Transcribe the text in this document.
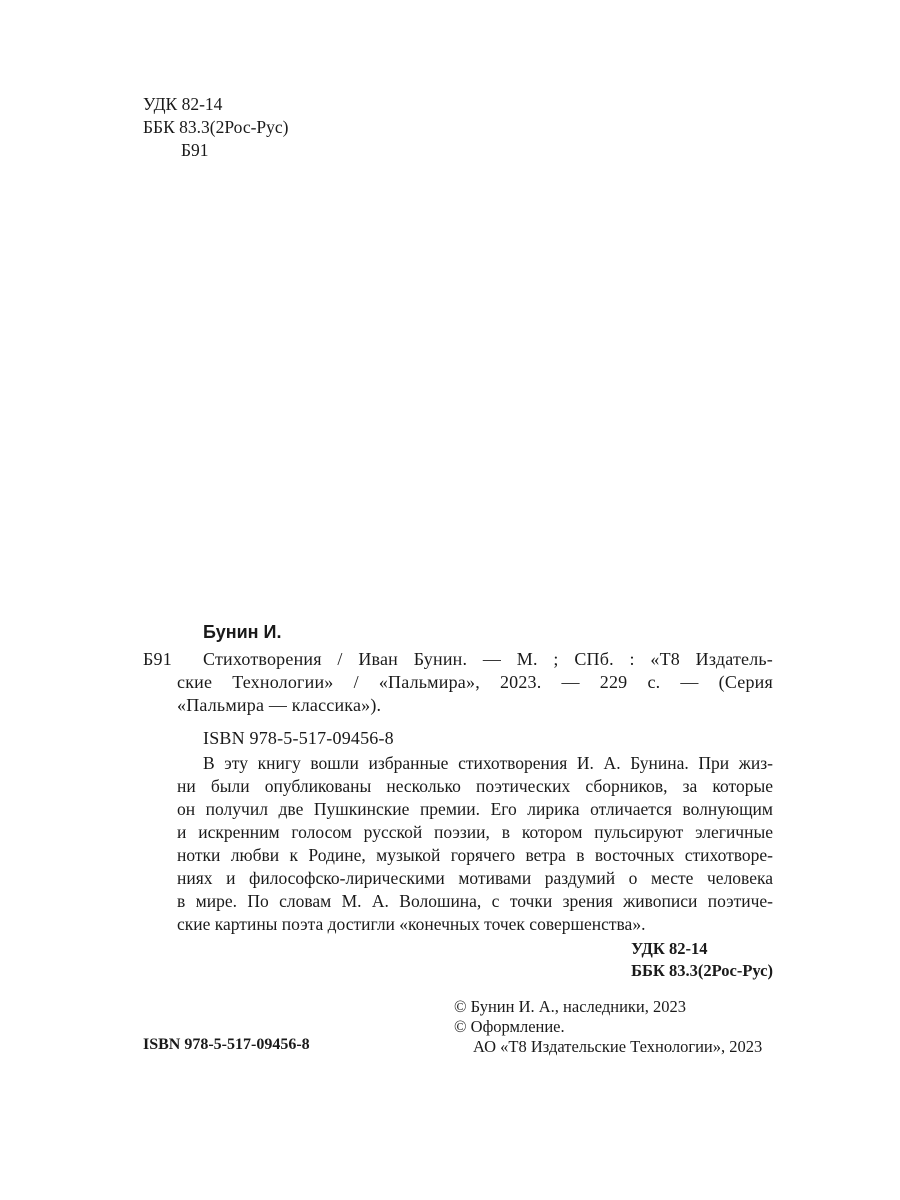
УДК 82-14
ББК 83.3(2Рос-Рус)
Б91
Бунин И.
Б91 Стихотворения / Иван Бунин. — М. ; СПб. : «Т8 Издатель-
ские Технологии» / «Пальмира», 2023. — 229 с. — (Серия
«Пальмира — классика»).
ISBN 978-5-517-09456-8
В эту книгу вошли избранные стихотворения И. А. Бунина. При жиз-
ни были опубликованы несколько поэтических сборников, за которые
он получил две Пушкинские премии. Его лирика отличается волнующим
и искренним голосом русской поэзии, в котором пульсируют элегичные
нотки любви к Родине, музыкой горячего ветра в восточных стихотворе-
ниях и философско-лирическими мотивами раздумий о месте человека
в мире. По словам М. А. Волошина, с точки зрения живописи поэтиче-
ские картины поэта достигли «конечных точек совершенства».
УДК 82-14
ББК 83.3(2Рос-Рус)
© Бунин И. А., наследники, 2023
© Оформление.
АО «Т8 Издательские Технологии», 2023
ISBN 978-5-517-09456-8
